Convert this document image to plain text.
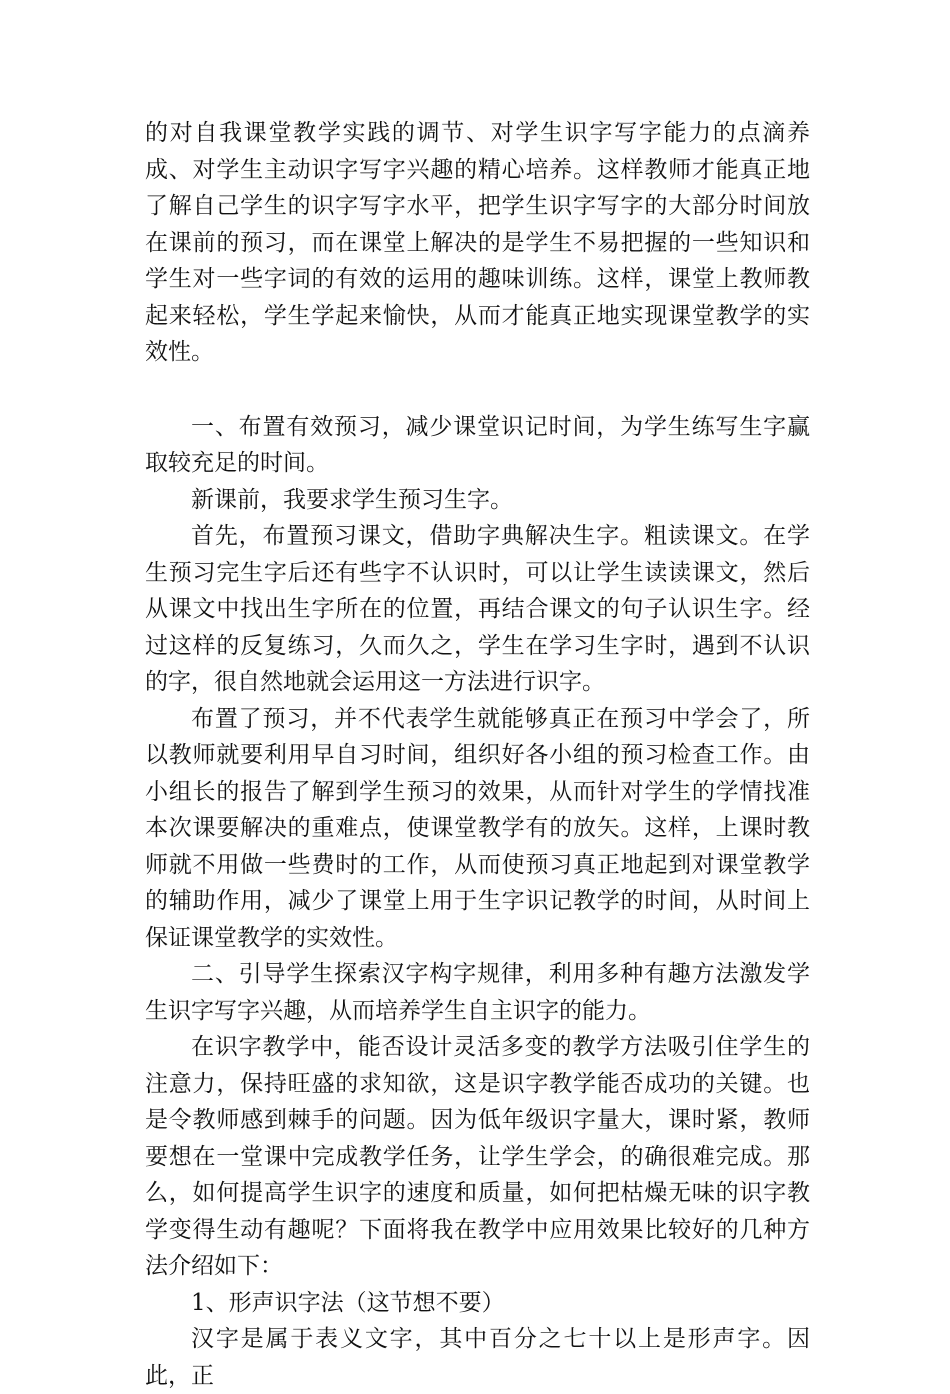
的对自我课堂教学实践的调节、对学生识字写字能力的点滴养成、对学生主动识字写字兴趣的精心培养。这样教师才能真正地了解自己学生的识字写字水平，把学生识字写字的大部分时间放在课前的预习，而在课堂上解决的是学生不易把握的一些知识和学生对一些字词的有效的运用的趣味训练。这样，课堂上教师教起来轻松，学生学起来愉快，从而才能真正地实现课堂教学的实效性。

一、布置有效预习，减少课堂识记时间，为学生练写生字赢取较充足的时间。

新课前，我要求学生预习生字。

首先，布置预习课文，借助字典解决生字。粗读课文。在学生预习完生字后还有些字不认识时，可以让学生读读课文，然后从课文中找出生字所在的位置，再结合课文的句子认识生字。经过这样的反复练习，久而久之，学生在学习生字时，遇到不认识的字，很自然地就会运用这一方法进行识字。

布置了预习，并不代表学生就能够真正在预习中学会了，所以教师就要利用早自习时间，组织好各小组的预习检查工作。由小组长的报告了解到学生预习的效果，从而针对学生的学情找准本次课要解决的重难点，使课堂教学有的放矢。这样，上课时教师就不用做一些费时的工作，从而使预习真正地起到对课堂教学的辅助作用，减少了课堂上用于生字识记教学的时间，从时间上保证课堂教学的实效性。

二、引导学生探索汉字构字规律，利用多种有趣方法激发学生识字写字兴趣，从而培养学生自主识字的能力。

在识字教学中，能否设计灵活多变的教学方法吸引住学生的注意力，保持旺盛的求知欲，这是识字教学能否成功的关键。也是令教师感到棘手的问题。因为低年级识字量大，课时紧，教师要想在一堂课中完成教学任务，让学生学会，的确很难完成。那么，如何提高学生识字的速度和质量，如何把枯燥无味的识字教学变得生动有趣呢？下面将我在教学中应用效果比较好的几种方法介绍如下：

1、形声识字法（这节想不要）

汉字是属于表义文字，其中百分之七十以上是形声字。因此，正
